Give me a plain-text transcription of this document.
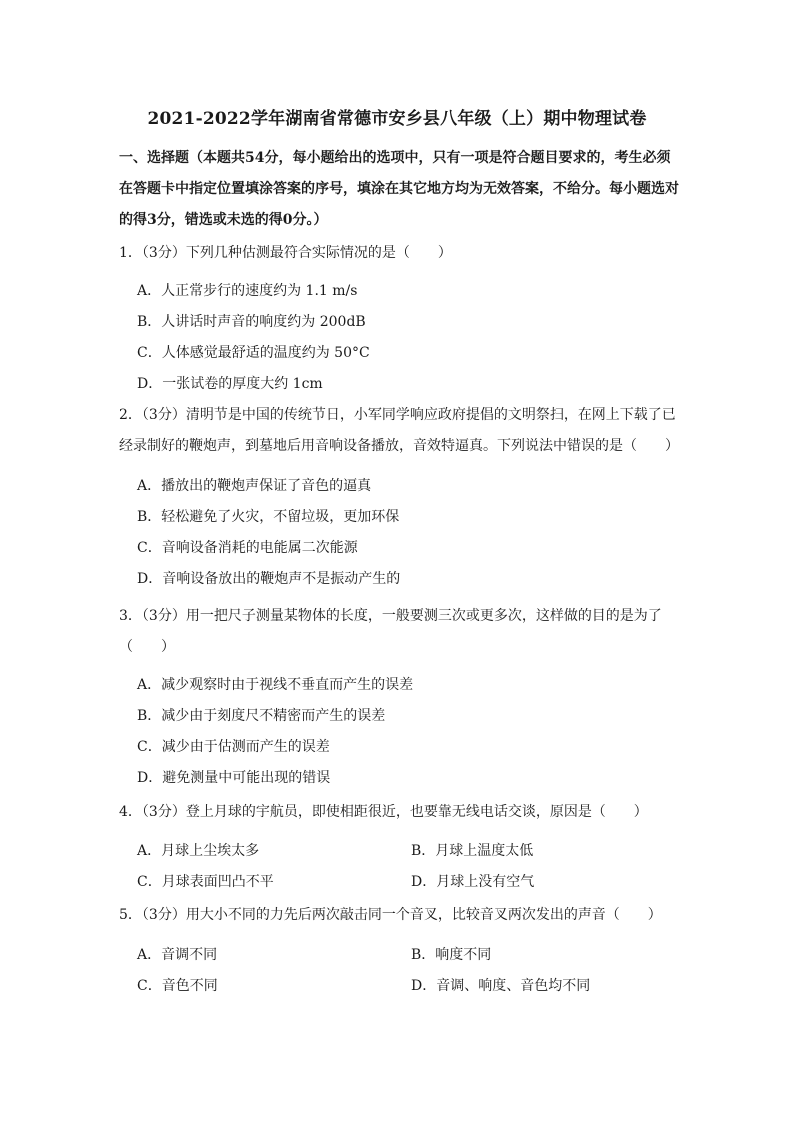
2021-2022学年湖南省常德市安乡县八年级（上）期中物理试卷
一、选择题（本题共54分，每小题给出的选项中，只有一项是符合题目要求的，考生必须在答题卡中指定位置填涂答案的序号，填涂在其它地方均为无效答案，不给分。每小题选对的得3分，错选或未选的得0分。）
1．（3分）下列几种估测最符合实际情况的是（　　）
A．人正常步行的速度约为 1.1 m/s
B．人讲话时声音的响度约为 200dB
C．人体感觉最舒适的温度约为 50°C
D．一张试卷的厚度大约 1cm
2．（3分）清明节是中国的传统节日，小军同学响应政府提倡的文明祭扫，在网上下载了已经录制好的鞭炮声，到墓地后用音响设备播放，音效特逼真。下列说法中错误的是（　　）
A．播放出的鞭炮声保证了音色的逼真
B．轻松避免了火灾，不留垃圾，更加环保
C．音响设备消耗的电能属二次能源
D．音响设备放出的鞭炮声不是振动产生的
3．（3分）用一把尺子测量某物体的长度，一般要测三次或更多次，这样做的目的是为了（　　）
A．减少观察时由于视线不垂直而产生的误差
B．减少由于刻度尺不精密而产生的误差
C．减少由于估测而产生的误差
D．避免测量中可能出现的错误
4．（3分）登上月球的宇航员，即使相距很近，也要靠无线电话交谈，原因是（　　）
A．月球上尘埃太多	B．月球上温度太低
C．月球表面凹凸不平	D．月球上没有空气
5．（3分）用大小不同的力先后两次敲击同一个音叉，比较音叉两次发出的声音（　　）
A．音调不同	B．响度不同
C．音色不同	D．音调、响度、音色均不同
